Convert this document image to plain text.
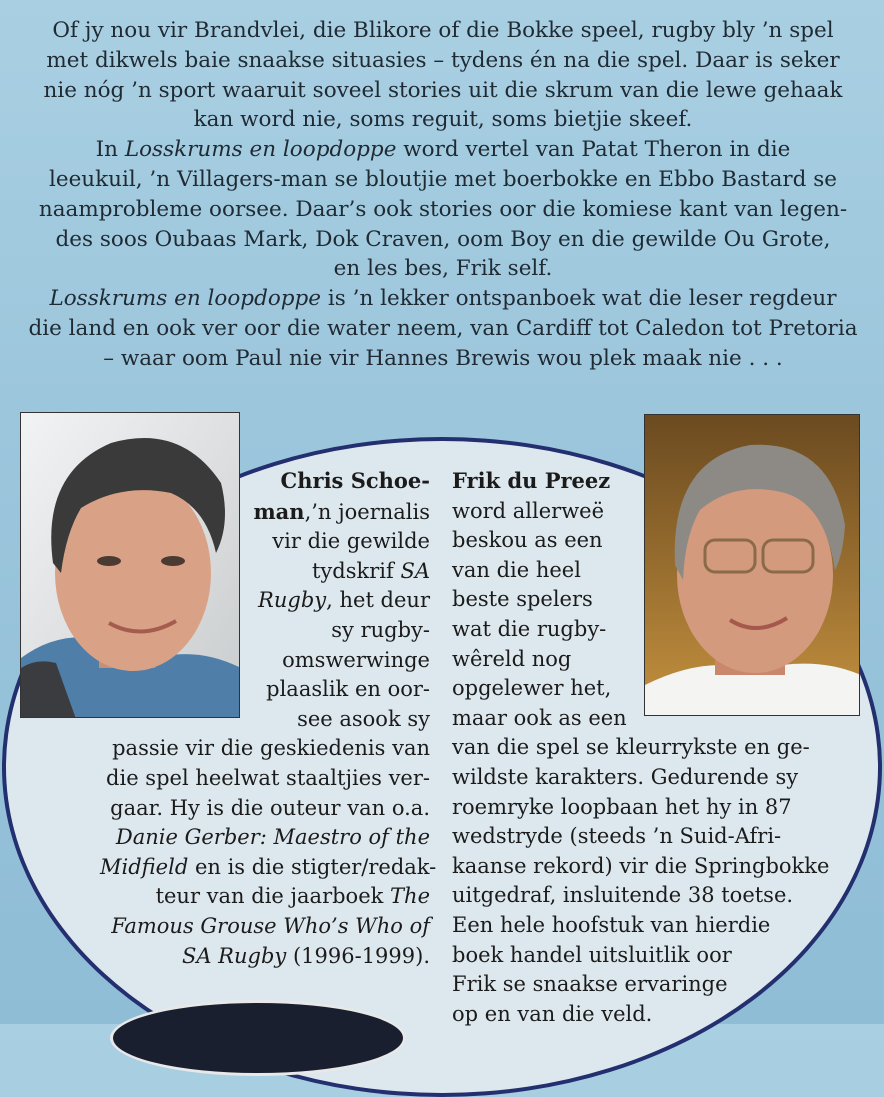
Of jy nou vir Brandvlei, die Blikore of die Bokke speel, rugby bly ’n spel
met dikwels baie snaakse situasies – tydens én na die spel. Daar is seker
nie nóg ’n sport waaruit soveel stories uit die skrum van die lewe gehaak
kan word nie, soms reguit, soms bietjie skeef.

In Losskrums en loopdoppe word vertel van Patat Theron in die
leeukuil, ’n Villagers-man se bloutjie met boerbokke en Ebbo Bastard se
naamprobleme oorsee. Daar’s ook stories oor die komiese kant van legen-
des soos Oubaas Mark, Dok Craven, oom Boy en die gewilde Ou Grote,
en les bes, Frik self.

Losskrums en loopdoppe is ’n lekker ontspanboek wat die leser regdeur
die land en ook ver oor die water neem, van Cardiff tot Caledon tot Pretoria
– waar oom Paul nie vir Hannes Brewis wou plek maak nie . . .

Chris Schoe-
man,’n joernalis
vir die gewilde
tydskrif SA
Rugby, het deur
sy rugby-
omswerwinge
plaaslik en oor-
see asook sy
passie vir die geskiedenis van
die spel heelwat staaltjies ver-
gaar. Hy is die outeur van o.a.
Danie Gerber: Maestro of the
Midfield en is die stigter/redak-
teur van die jaarboek The
Famous Grouse Who’s Who of
SA Rugby (1996-1999).
Frik du Preez
word allerweë
beskou as een
van die heel
beste spelers
wat die rugby-
wêreld nog
opgelewer het,
maar ook as een
van die spel se kleurrykste en ge-
wildste karakters. Gedurende sy
roemryke loopbaan het hy in 87
wedstryde (steeds ’n Suid-Afri-
kaanse rekord) vir die Springbokke
uitgedraf, insluitende 38 toetse.
Een hele hoofstuk van hierdie
boek handel uitsluitlik oor
Frik se snaakse ervaringe
op en van die veld.
